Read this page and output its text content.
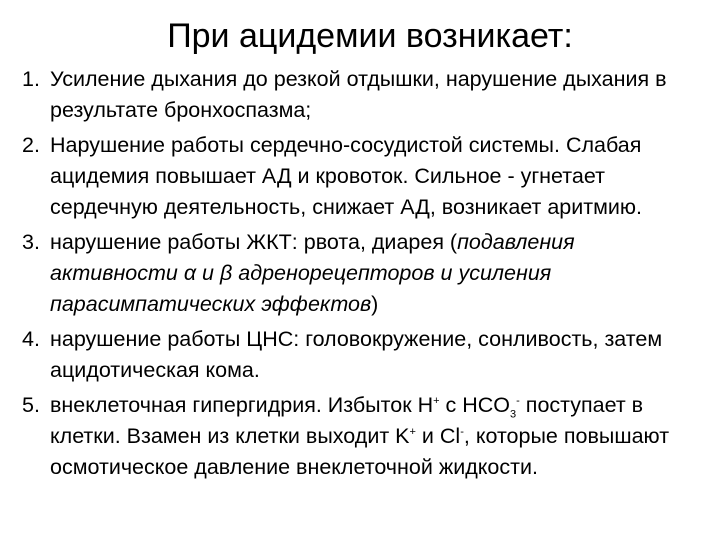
При ацидемии возникает:
1. Усиление дыхания до резкой отдышки, нарушение дыхания в результате бронхоспазма;
2. Нарушение работы сердечно-сосудистой системы. Слабая ацидемия повышает АД и кровоток. Сильное - угнетает сердечную деятельность, снижает АД, возникает аритмию.
3. нарушение работы ЖКТ: рвота, диарея (подавления активности α и β адренорецепторов и усиления парасимпатических эффектов)
4. нарушение работы ЦНС: головокружение, сонливость, затем ацидотическая кома.
5. внеклеточная гипергидрия. Избыток H+ с $HCO_3^-$ поступает в клетки. Взамен из клетки выходит K+ и Cl-, которые повышают осмотическое давление внеклеточной жидкости.
